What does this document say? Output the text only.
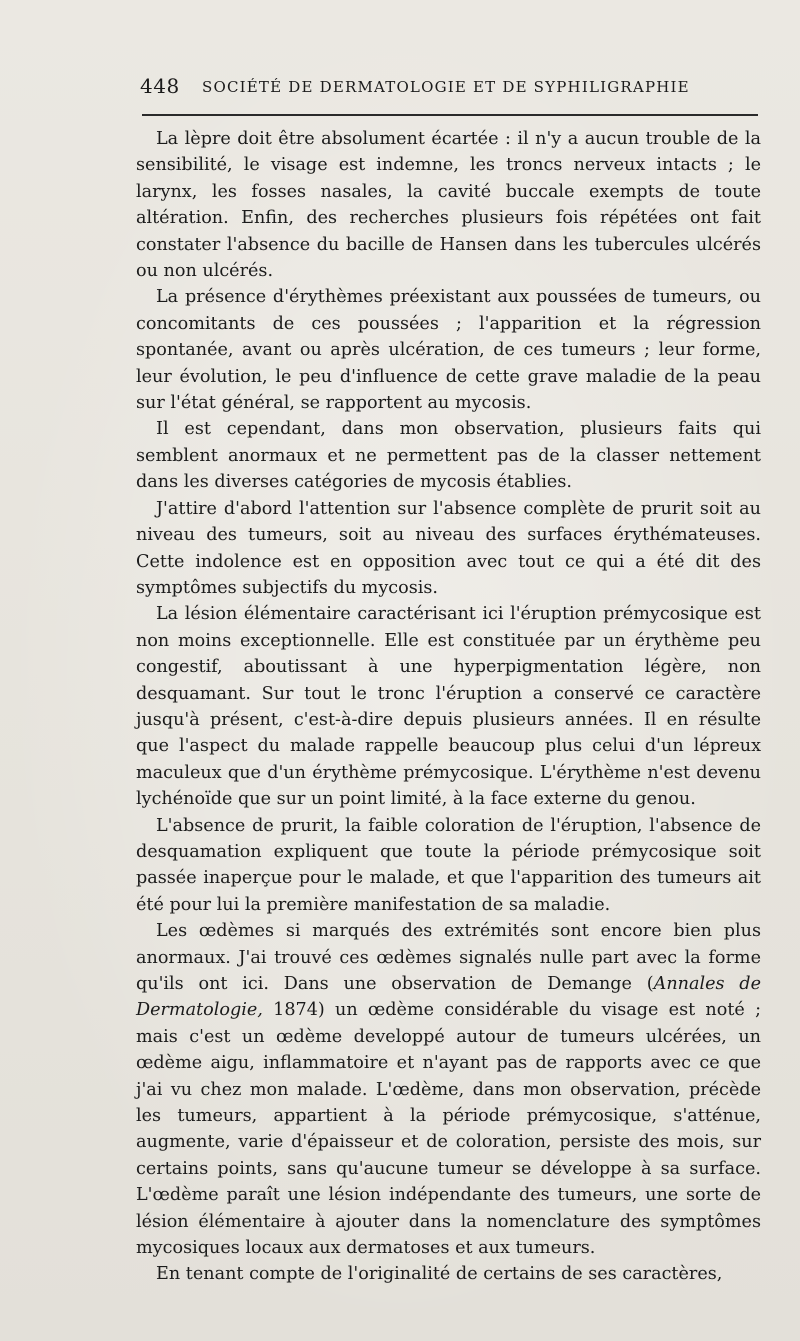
448 SOCIÉTÉ DE DERMATOLOGIE ET DE SYPHILIGRAPHIE

La lèpre doit être absolument écartée : il n'y a aucun trouble de la sensibilité, le visage est indemne, les troncs nerveux intacts ; le larynx, les fosses nasales, la cavité buccale exempts de toute altération. Enfin, des recherches plusieurs fois répétées ont fait constater l'absence du bacille de Hansen dans les tubercules ulcérés ou non ulcérés.

La présence d'érythèmes préexistant aux poussées de tumeurs, ou concomitants de ces poussées ; l'apparition et la régression spontanée, avant ou après ulcération, de ces tumeurs ; leur forme, leur évolution, le peu d'influence de cette grave maladie de la peau sur l'état général, se rapportent au mycosis.

Il est cependant, dans mon observation, plusieurs faits qui semblent anormaux et ne permettent pas de la classer nettement dans les diverses catégories de mycosis établies.

J'attire d'abord l'attention sur l'absence complète de prurit soit au niveau des tumeurs, soit au niveau des surfaces érythémateuses. Cette indolence est en opposition avec tout ce qui a été dit des symptômes subjectifs du mycosis.

La lésion élémentaire caractérisant ici l'éruption prémycosique est non moins exceptionnelle. Elle est constituée par un érythème peu congestif, aboutissant à une hyperpigmentation légère, non desquamant. Sur tout le tronc l'éruption a conservé ce caractère jusqu'à présent, c'est-à-dire depuis plusieurs années. Il en résulte que l'aspect du malade rappelle beaucoup plus celui d'un lépreux maculeux que d'un érythème prémycosique. L'érythème n'est devenu lychénoïde que sur un point limité, à la face externe du genou.

L'absence de prurit, la faible coloration de l'éruption, l'absence de desquamation expliquent que toute la période prémycosique soit passée inaperçue pour le malade, et que l'apparition des tumeurs ait été pour lui la première manifestation de sa maladie.

Les œdèmes si marqués des extrémités sont encore bien plus anormaux. J'ai trouvé ces œdèmes signalés nulle part avec la forme qu'ils ont ici. Dans une observation de Demange (Annales de Dermatologie, 1874) un œdème considérable du visage est noté ; mais c'est un œdème developpé autour de tumeurs ulcérées, un œdème aigu, inflammatoire et n'ayant pas de rapports avec ce que j'ai vu chez mon malade. L'œdème, dans mon observation, précède les tumeurs, appartient à la période prémycosique, s'atténue, augmente, varie d'épaisseur et de coloration, persiste des mois, sur certains points, sans qu'aucune tumeur se développe à sa surface. L'œdème paraît une lésion indépendante des tumeurs, une sorte de lésion élémentaire à ajouter dans la nomenclature des symptômes mycosiques locaux aux dermatoses et aux tumeurs.

En tenant compte de l'originalité de certains de ses caractères,
